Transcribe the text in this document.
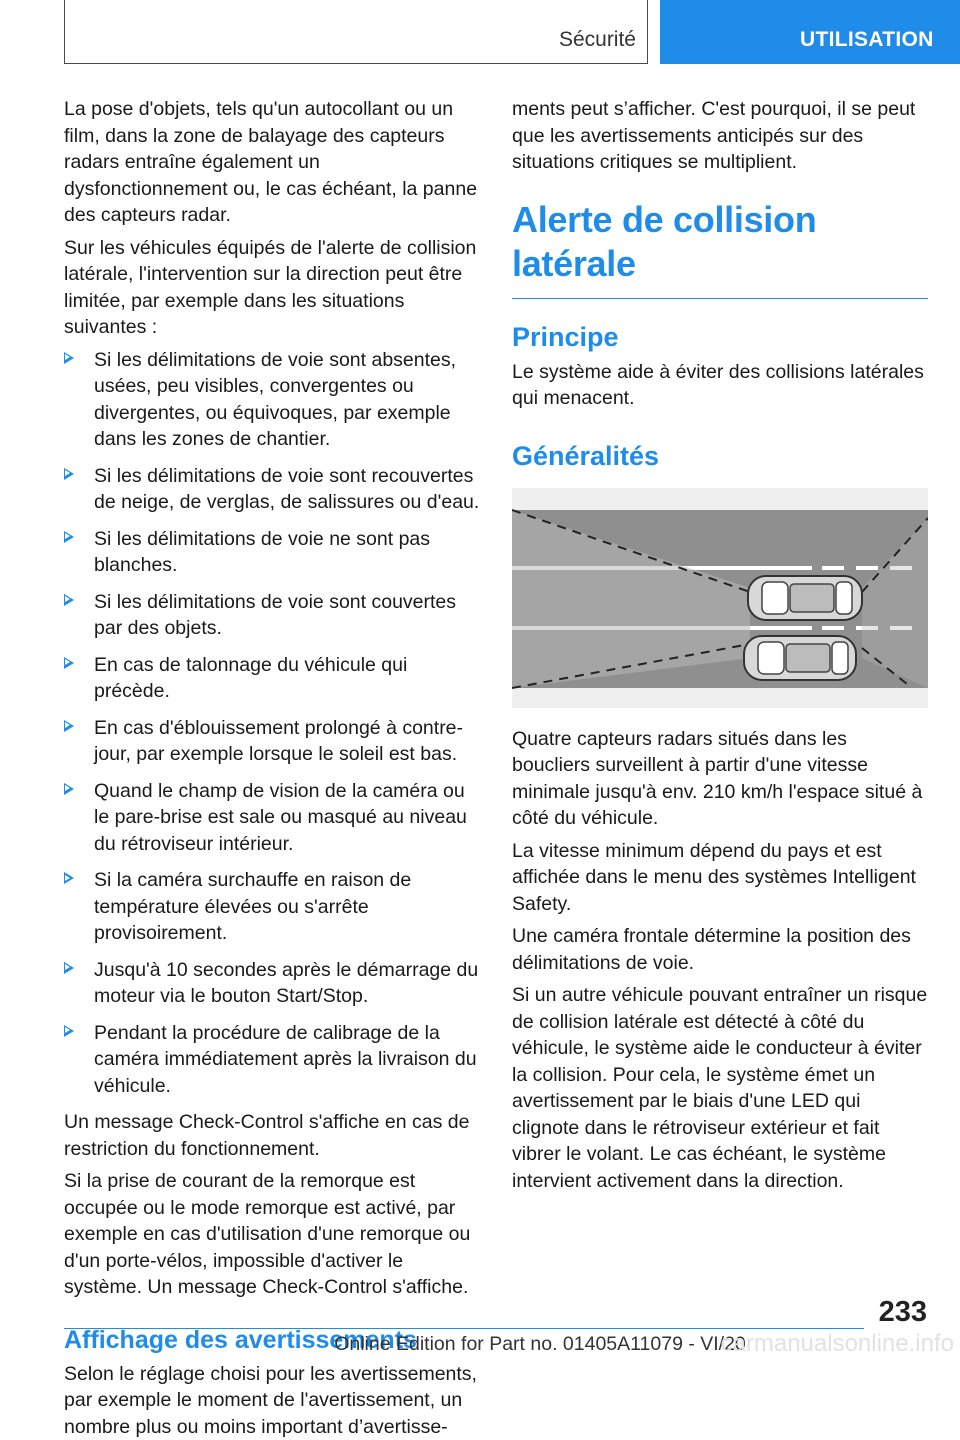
Sécurité	UTILISATION

La pose d'objets, tels qu'un autocollant ou un film, dans la zone de balayage des capteurs radars entraîne également un dysfonctionnement ou, le cas échéant, la panne des capteurs radar.

Sur les véhicules équipés de l'alerte de collision latérale, l'intervention sur la direction peut être limitée, par exemple dans les situations suivantes :

Si les délimitations de voie sont absentes, usées, peu visibles, convergentes ou divergentes, ou équivoques, par exemple dans les zones de chantier.
Si les délimitations de voie sont recouvertes de neige, de verglas, de salissures ou d'eau.
Si les délimitations de voie ne sont pas blanches.
Si les délimitations de voie sont couvertes par des objets.
En cas de talonnage du véhicule qui précède.
En cas d'éblouissement prolongé à contre-jour, par exemple lorsque le soleil est bas.
Quand le champ de vision de la caméra ou le pare-brise est sale ou masqué au niveau du rétroviseur intérieur.
Si la caméra surchauffe en raison de température élevées ou s'arrête provisoirement.
Jusqu'à 10 secondes après le démarrage du moteur via le bouton Start/Stop.
Pendant la procédure de calibrage de la caméra immédiatement après la livraison du véhicule.

Un message Check-Control s'affiche en cas de restriction du fonctionnement.

Si la prise de courant de la remorque est occupée ou le mode remorque est activé, par exemple en cas d'utilisation d'une remorque ou d'un porte-vélos, impossible d'activer le système. Un message Check-Control s'affiche.

Affichage des avertissements

Selon le réglage choisi pour les avertissements, par exemple le moment de l'avertissement, un nombre plus ou moins important d’avertisse-

ments peut s’afficher. C'est pourquoi, il se peut que les avertissements anticipés sur des situations critiques se multiplient.

Alerte de collision latérale
Principe

Le système aide à éviter des collisions latérales qui menacent.

Généralités

Quatre capteurs radars situés dans les boucliers surveillent à partir d'une vitesse minimale jusqu'à env. 210 km/h l'espace situé à côté du véhicule.

La vitesse minimum dépend du pays et est affichée dans le menu des systèmes Intelligent Safety.

Une caméra frontale détermine la position des délimitations de voie.

Si un autre véhicule pouvant entraîner un risque de collision latérale est détecté à côté du véhicule, le système aide le conducteur à éviter la collision. Pour cela, le système émet un avertissement par le biais d'une LED qui clignote dans le rétroviseur extérieur et fait vibrer le volant. Le cas échéant, le système intervient activement dans la direction.

233
Online Edition for Part no. 01405A11079 - VI/20
carmanualsonline.info
